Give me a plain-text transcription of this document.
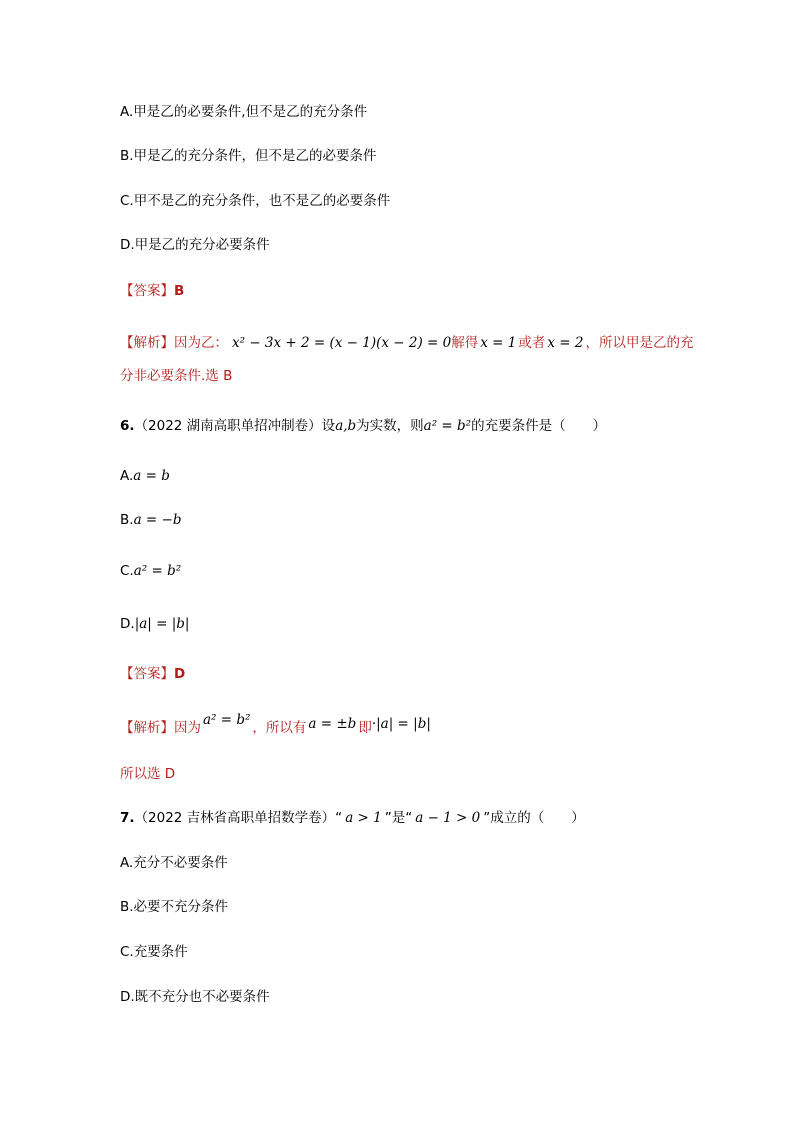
A.甲是乙的必要条件,但不是乙的充分条件
B.甲是乙的充分条件，但不是乙的必要条件
C.甲不是乙的充分条件，也不是乙的必要条件
D.甲是乙的充分必要条件
【答案】B
【解析】因为乙： x² − 3x + 2 = (x − 1)(x − 2) = 0解得 x = 1 或者 x = 2 ，所以甲是乙的充
分非必要条件.选 B
6.（2022 湖南高职单招冲制卷）设a,b为实数，则a² = b²的充要条件是（　　）
A.a = b
B.a = −b
C.a² = b²
D.|a| = |b|
【答案】D
【解析】因为 a² = b² ，所以有 a = ±b 即·|a| = |b|
所以选 D
7.（2022 吉林省高职单招数学卷）“ a > 1 ”是“ a − 1 > 0 ”成立的（　　）
A.充分不必要条件
B.必要不充分条件
C.充要条件
D.既不充分也不必要条件
